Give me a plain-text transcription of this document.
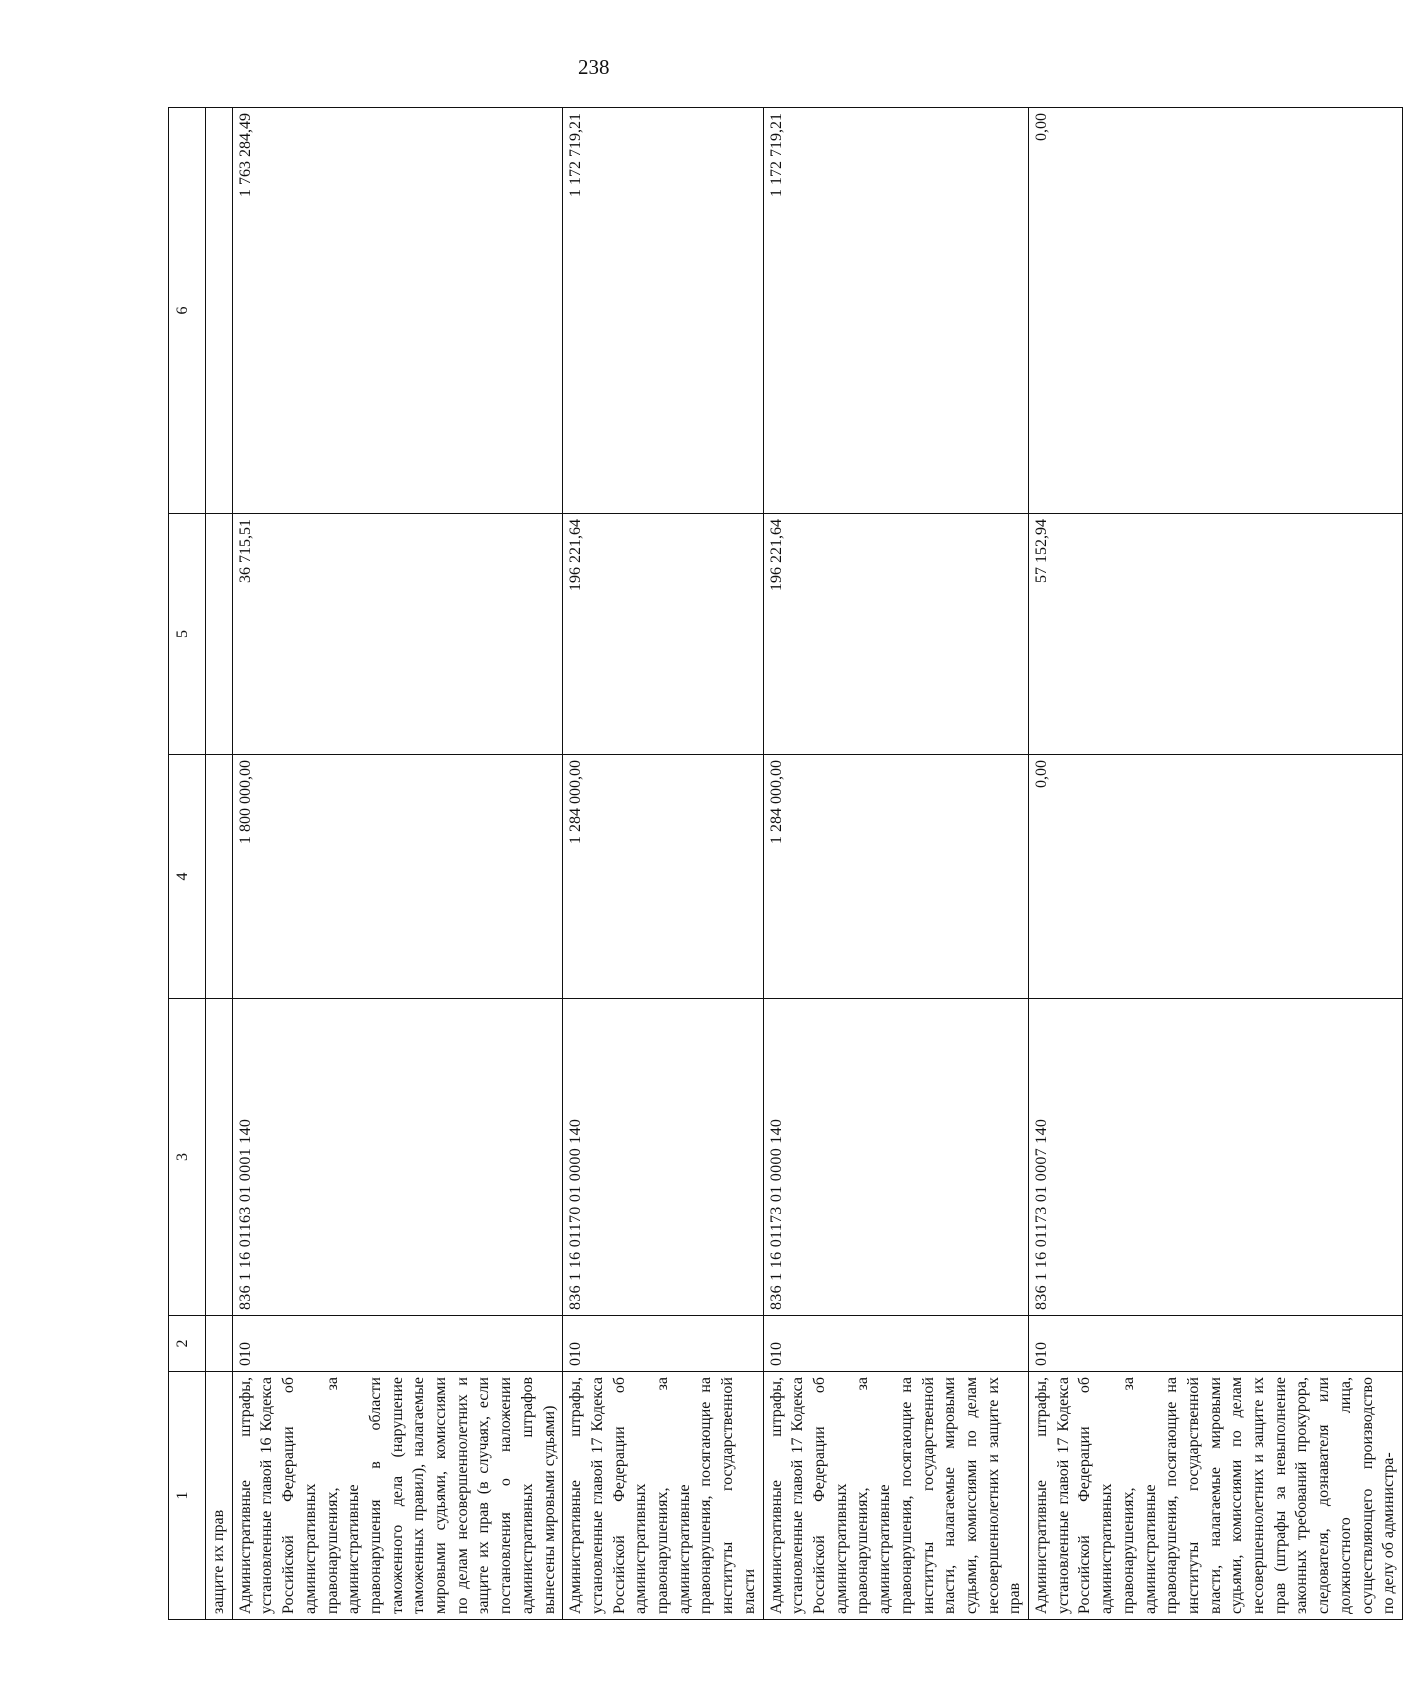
238
1	2	3	4	5	6
защите их прав					
Административные штрафы, установленные главой 16 Кодекса Российской Федерации об административных правонарушениях, за административные правонарушения в области таможенного дела (нарушение таможенных правил), налагаемые мировыми судьями, комиссиями по делам несовершеннолетних и защите их прав (в случаях, если постановления о наложении административных штрафов вынесены мировыми судьями)	010	836 1 16 01163 01 0001 140	1 800 000,00	36 715,51	1 763 284,49
Административные штрафы, установленные главой 17 Кодекса Российской Федерации об административных правонарушениях, за административные правонарушения, посягающие на институты государственной власти	010	836 1 16 01170 01 0000 140	1 284 000,00	196 221,64	1 172 719,21
Административные штрафы, установленные главой 17 Кодекса Российской Федерации об административных правонарушениях, за административные правонарушения, посягающие на институты государственной власти, налагаемые мировыми судьями, комиссиями по делам несовершеннолетних и защите их прав	010	836 1 16 01173 01 0000 140	1 284 000,00	196 221,64	1 172 719,21
Административные штрафы, установленные главой 17 Кодекса Российской Федерации об административных правонарушениях, за административные правонарушения, посягающие на институты государственной власти, налагаемые мировыми судьями, комиссиями по делам несовершеннолетних и защите их прав (штрафы за невыполнение законных требований прокурора, следователя, дознавателя или должностного лица, осуществляющего производство по делу об администра-	010	836 1 16 01173 01 0007 140	0,00	57 152,94	0,00
